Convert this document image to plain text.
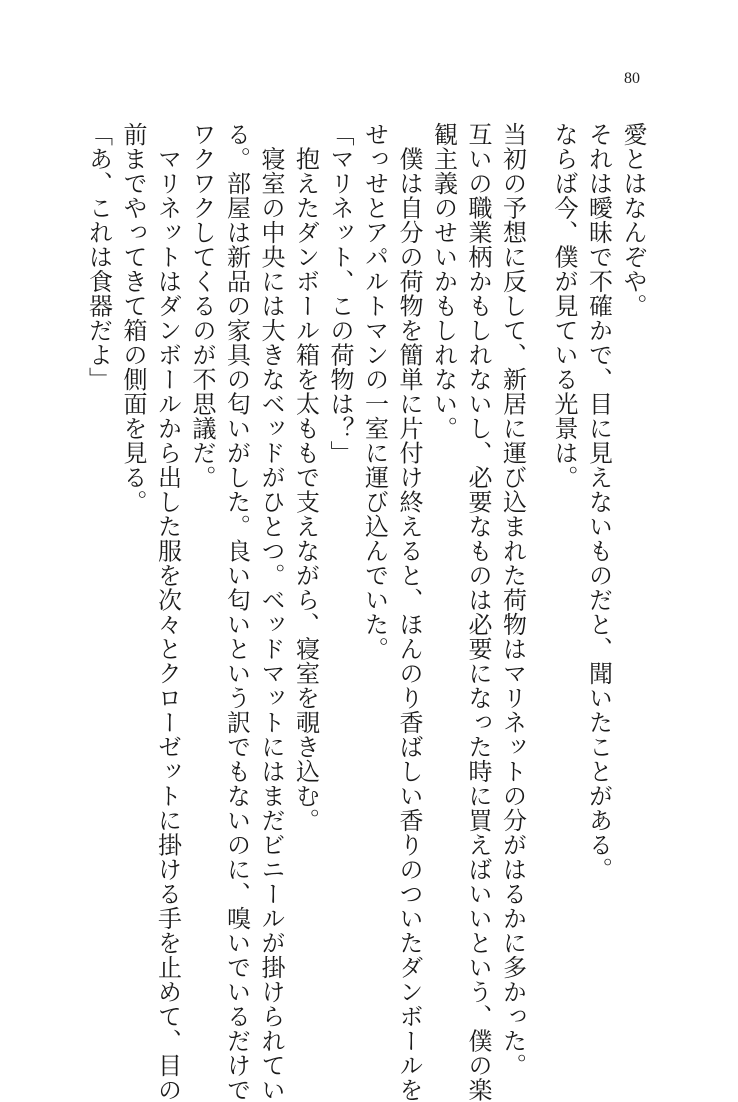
80

愛とはなんぞや。

それは曖昧で不確かで、目に見えないものだと、聞いたことがある。

ならば今、僕が見ている光景は。

当初の予想に反して、新居に運び込まれた荷物はマリネットの分がはるかに多かった。

互いの職業柄かもしれないし、必要なものは必要になった時に買えばいいという、僕の楽

観主義のせいかもしれない。

　僕は自分の荷物を簡単に片付け終えると、ほんのり香ばしい香りのついたダンボールを

せっせとアパルトマンの一室に運び込んでいた。

「マリネット、この荷物は？」

　抱えたダンボール箱を太ももで支えながら、寝室を覗き込む。

　寝室の中央には大きなベッドがひとつ。ベッドマットにはまだビニールが掛けられてい

る。部屋は新品の家具の匂いがした。良い匂いという訳でもないのに、嗅いでいるだけで

ワクワクしてくるのが不思議だ。

　マリネットはダンボールから出した服を次々とクローゼットに掛ける手を止めて、目の

前までやってきて箱の側面を見る。

「あ、これは食器だよ」
